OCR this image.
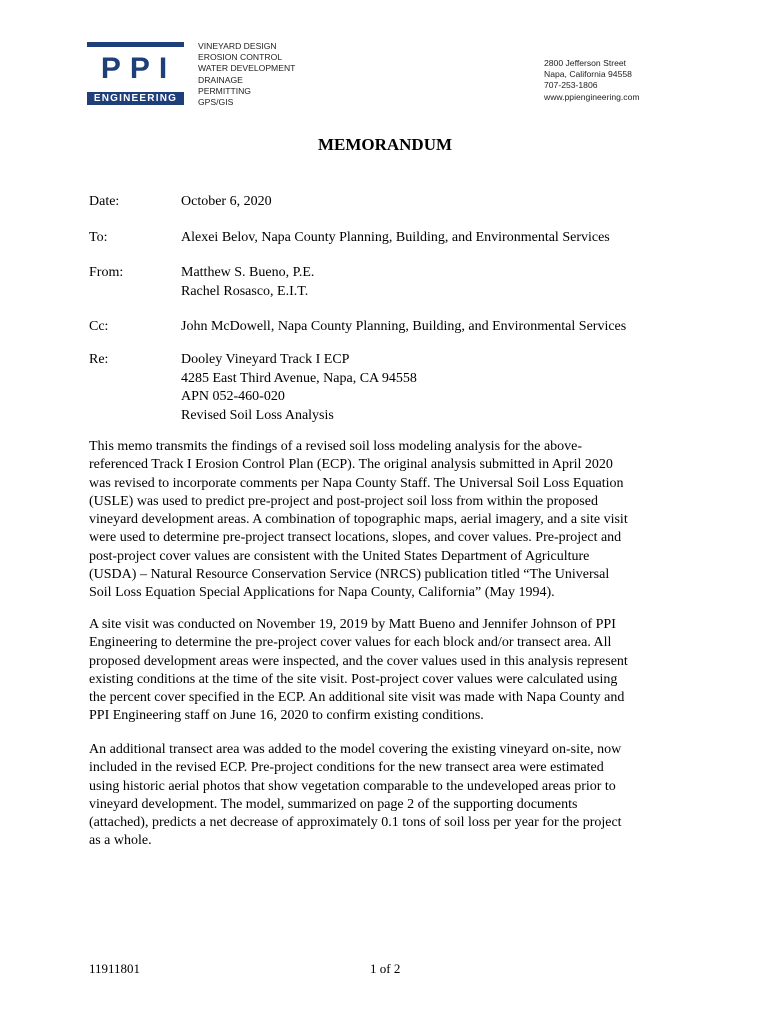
PPI
ENGINEERING
VINEYARD DESIGN
EROSION CONTROL
WATER DEVELOPMENT
DRAINAGE
PERMITTING
GPS/GIS
2800 Jefferson Street
Napa, California 94558
707-253-1806
www.ppiengineering.com
MEMORANDUM
Date:	October 6, 2020
To:	Alexei Belov, Napa County Planning, Building, and Environmental Services
From:	Matthew S. Bueno, P.E.
Rachel Rosasco, E.I.T.
Cc:	John McDowell, Napa County Planning, Building, and Environmental Services
Re:	Dooley Vineyard Track I ECP
4285 East Third Avenue, Napa, CA 94558
APN 052-460-020
Revised Soil Loss Analysis

This memo transmits the findings of a revised soil loss modeling analysis for the above-

referenced Track I Erosion Control Plan (ECP). The original analysis submitted in April 2020

was revised to incorporate comments per Napa County Staff. The Universal Soil Loss Equation

(USLE) was used to predict pre-project and post-project soil loss from within the proposed

vineyard development areas. A combination of topographic maps, aerial imagery, and a site visit

were used to determine pre-project transect locations, slopes, and cover values. Pre-project and

post-project cover values are consistent with the United States Department of Agriculture

(USDA) – Natural Resource Conservation Service (NRCS) publication titled “The Universal

Soil Loss Equation Special Applications for Napa County, California” (May 1994).

A site visit was conducted on November 19, 2019 by Matt Bueno and Jennifer Johnson of PPI

Engineering to determine the pre-project cover values for each block and/or transect area. All

proposed development areas were inspected, and the cover values used in this analysis represent

existing conditions at the time of the site visit. Post-project cover values were calculated using

the percent cover specified in the ECP. An additional site visit was made with Napa County and

PPI Engineering staff on June 16, 2020 to confirm existing conditions.

An additional transect area was added to the model covering the existing vineyard on-site, now

included in the revised ECP. Pre-project conditions for the new transect area were estimated

using historic aerial photos that show vegetation comparable to the undeveloped areas prior to

vineyard development. The model, summarized on page 2 of the supporting documents

(attached), predicts a net decrease of approximately 0.1 tons of soil loss per year for the project

as a whole.

11911801	1 of 2
